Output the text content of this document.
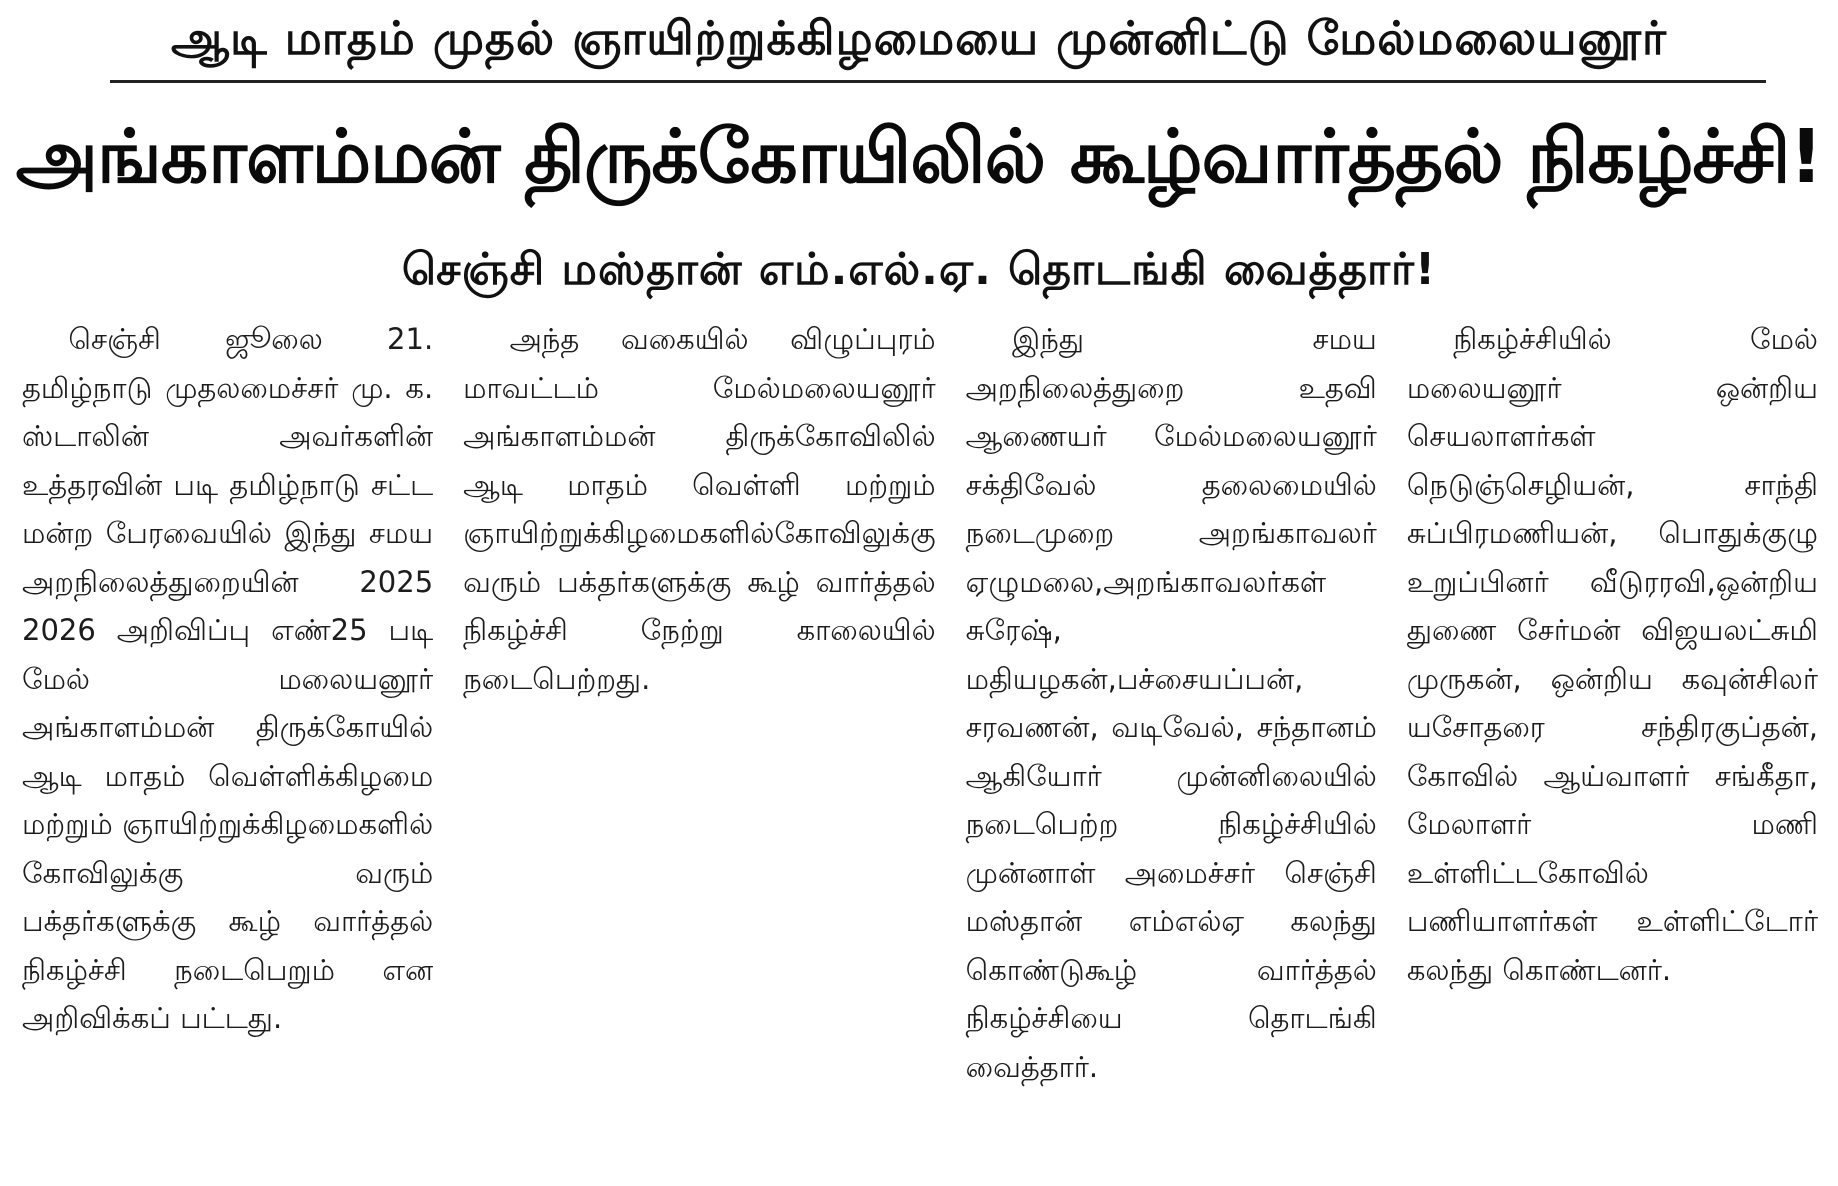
ஆடி மாதம் முதல் ஞாயிற்றுக்கிழமையை முன்னிட்டு மேல்மலையனூர்
அங்காளம்மன் திருக்கோயிலில் கூழ்வார்த்தல் நிகழ்ச்சி!
செஞ்சி மஸ்தான் எம்.எல்.ஏ. தொடங்கி வைத்தார்!

செஞ்சி ஜூலை 21. தமிழ்நாடு முதலமைச்சர் மு. க. ஸ்டாலின் அவர்களின் உத்தரவின் படி தமிழ்நாடு சட்ட மன்ற பேரவையில் இந்து சமய அறநிலைத்துறையின் 2025 2026 அறிவிப்பு எண்25 படி மேல் மலையனூர் அங்காளம்மன் திருக்கோயில் ஆடி மாதம் வெள்ளிக்கிழமை மற்றும் ஞாயிற்றுக்கிழமைகளில் கோவிலுக்கு வரும் பக்தர்களுக்கு கூழ் வார்த்தல் நிகழ்ச்சி நடைபெறும் என அறிவிக்கப் பட்டது.

அந்த வகையில் விழுப்புரம் மாவட்டம் மேல்மலையனூர் அங்காளம்மன் திருக்கோவிலில் ஆடி மாதம் வெள்ளி மற்றும் ஞாயிற்றுக்கிழமைகளில்கோவிலுக்கு வரும் பக்தர்களுக்கு கூழ் வார்த்தல் நிகழ்ச்சி நேற்று காலையில் நடைபெற்றது.

இந்து சமய அறநிலைத்துறை உதவி ஆணையர் மேல்மலையனூர் சக்திவேல் தலைமையில் நடைமுறை அறங்காவலர் ஏழுமலை,அறங்காவலர்கள் சுரேஷ், மதியழகன்,பச்சையப்பன், சரவணன், வடிவேல், சந்தானம் ஆகியோர் முன்னிலையில் நடைபெற்ற நிகழ்ச்சியில் முன்னாள் அமைச்சர் செஞ்சி மஸ்தான் எம்எல்ஏ கலந்து கொண்டுகூழ் வார்த்தல் நிகழ்ச்சியை தொடங்கி வைத்தார்.

நிகழ்ச்சியில் மேல் மலையனூர் ஒன்றிய செயலாளர்கள் நெடுஞ்செழியன், சாந்தி சுப்பிரமணியன், பொதுக்குழு உறுப்பினர் வீடுரரவி,ஒன்றிய துணை சேர்மன் விஜயலட்சுமி முருகன், ஒன்றிய கவுன்சிலர் யசோதரை சந்திரகுப்தன், கோவில் ஆய்வாளர் சங்கீதா, மேலாளர் மணி உள்ளிட்டகோவில் பணியாளர்கள் உள்ளிட்டோர் கலந்து கொண்டனர்.
